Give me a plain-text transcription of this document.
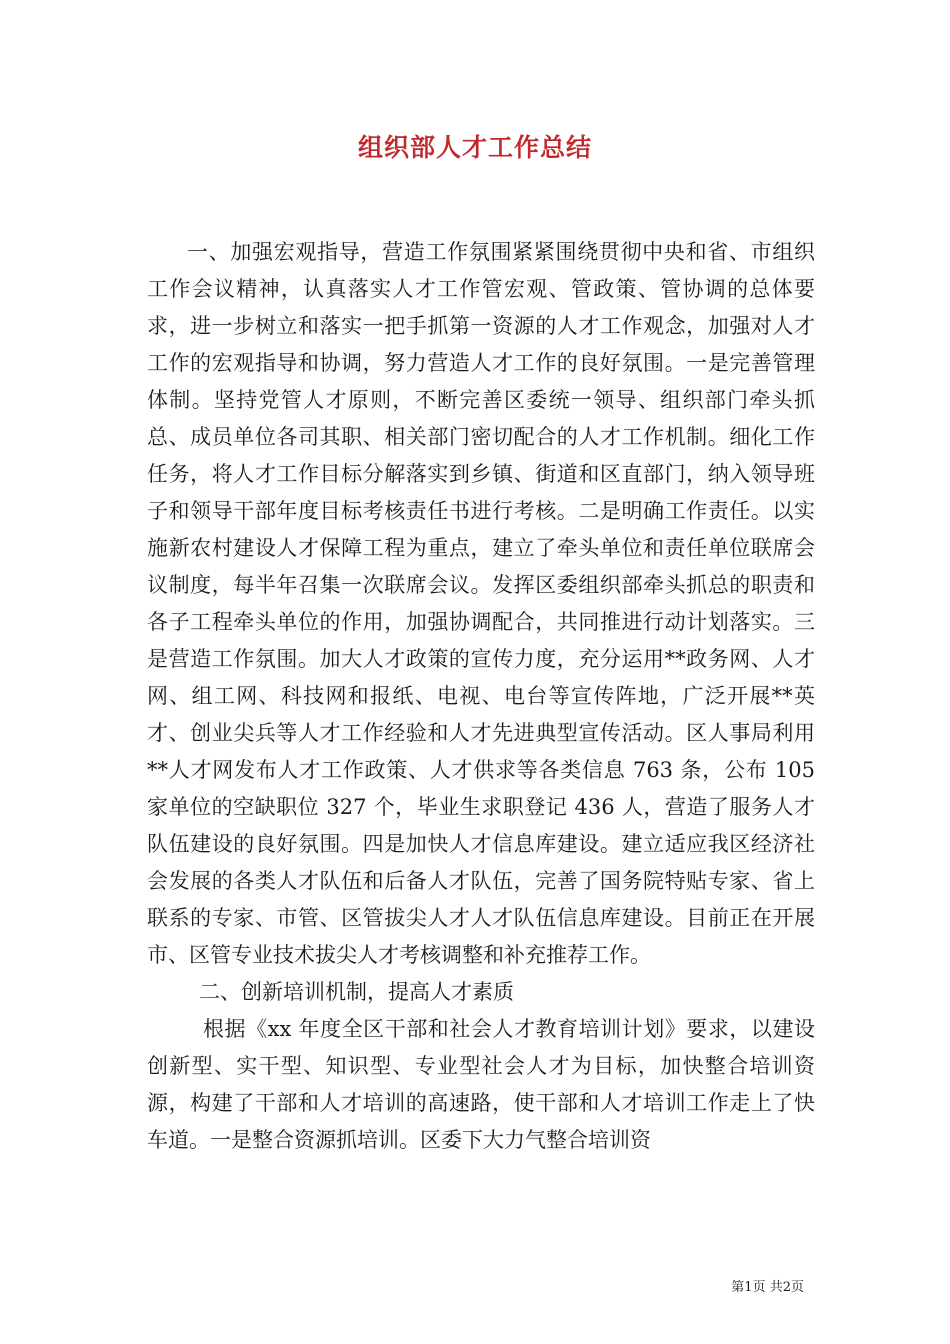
组织部人才工作总结

一、加强宏观指导，营造工作氛围紧紧围绕贯彻中央和省、市组织工作会议精神，认真落实人才工作管宏观、管政策、管协调的总体要求，进一步树立和落实一把手抓第一资源的人才工作观念，加强对人才工作的宏观指导和协调，努力营造人才工作的良好氛围。一是完善管理体制。坚持党管人才原则，不断完善区委统一领导、组织部门牵头抓总、成员单位各司其职、相关部门密切配合的人才工作机制。细化工作任务，将人才工作目标分解落实到乡镇、街道和区直部门，纳入领导班子和领导干部年度目标考核责任书进行考核。二是明确工作责任。以实施新农村建设人才保障工程为重点，建立了牵头单位和责任单位联席会议制度，每半年召集一次联席会议。发挥区委组织部牵头抓总的职责和各子工程牵头单位的作用，加强协调配合，共同推进行动计划落实。三是营造工作氛围。加大人才政策的宣传力度，充分运用**政务网、人才网、组工网、科技网和报纸、电视、电台等宣传阵地，广泛开展**英才、创业尖兵等人才工作经验和人才先进典型宣传活动。区人事局利用**人才网发布人才工作政策、人才供求等各类信息 763 条，公布 105 家单位的空缺职位 327 个，毕业生求职登记 436 人，营造了服务人才队伍建设的良好氛围。四是加快人才信息库建设。建立适应我区经济社会发展的各类人才队伍和后备人才队伍，完善了国务院特贴专家、省上联系的专家、市管、区管拔尖人才人才队伍信息库建设。目前正在开展市、区管专业技术拔尖人才考核调整和补充推荐工作。

二、创新培训机制，提高人才素质

根据《xx 年度全区干部和社会人才教育培训计划》要求，以建设创新型、实干型、知识型、专业型社会人才为目标，加快整合培训资源，构建了干部和人才培训的高速路，使干部和人才培训工作走上了快车道。一是整合资源抓培训。区委下大力气整合培训资

第1页 共2页
